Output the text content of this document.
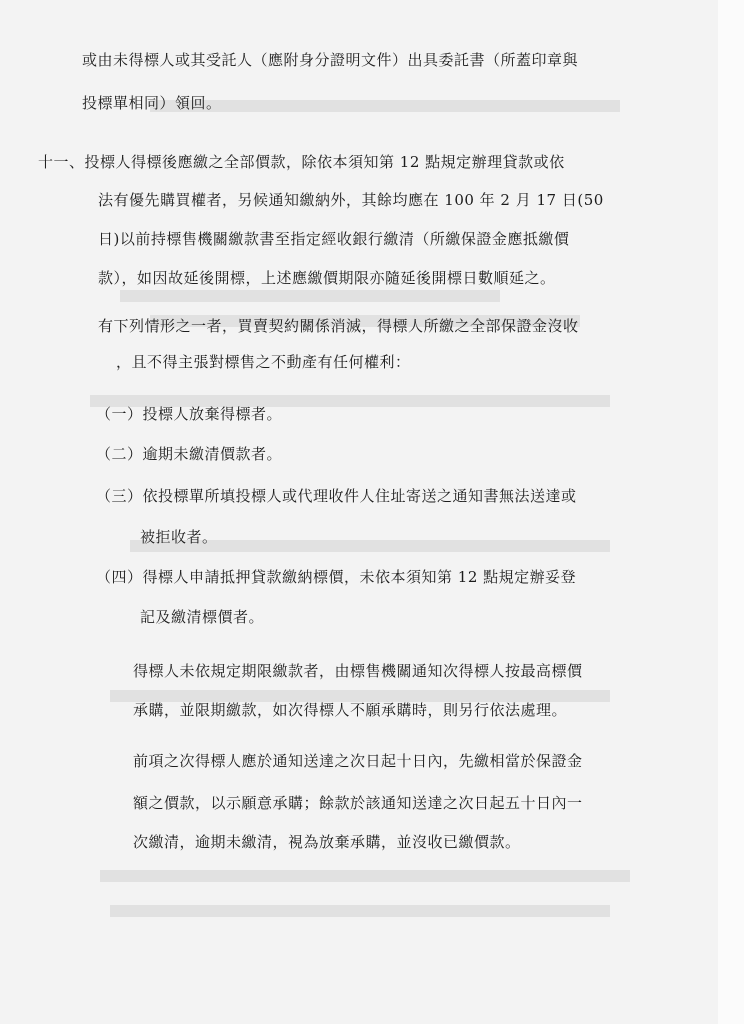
或由未得標人或其受託人（應附身分證明文件）出具委託書（所蓋印章與
投標單相同）領回。
十一、投標人得標後應繳之全部價款，除依本須知第 12 點規定辦理貸款或依
法有優先購買權者，另候通知繳納外，其餘均應在 100 年 2 月 17 日(50
日)以前持標售機關繳款書至指定經收銀行繳清（所繳保證金應抵繳價
款），如因故延後開標，上述應繳價期限亦隨延後開標日數順延之。
有下列情形之一者，買賣契約關係消滅，得標人所繳之全部保證金沒收
，且不得主張對標售之不動產有任何權利：
（一）投標人放棄得標者。
（二）逾期未繳清價款者。
（三）依投標單所填投標人或代理收件人住址寄送之通知書無法送達或
被拒收者。
（四）得標人申請抵押貸款繳納標價，未依本須知第 12 點規定辦妥登
記及繳清標價者。
得標人未依規定期限繳款者，由標售機關通知次得標人按最高標價
承購，並限期繳款，如次得標人不願承購時，則另行依法處理。
前項之次得標人應於通知送達之次日起十日內，先繳相當於保證金
額之價款，以示願意承購；餘款於該通知送達之次日起五十日內一
次繳清，逾期未繳清，視為放棄承購，並沒收已繳價款。
